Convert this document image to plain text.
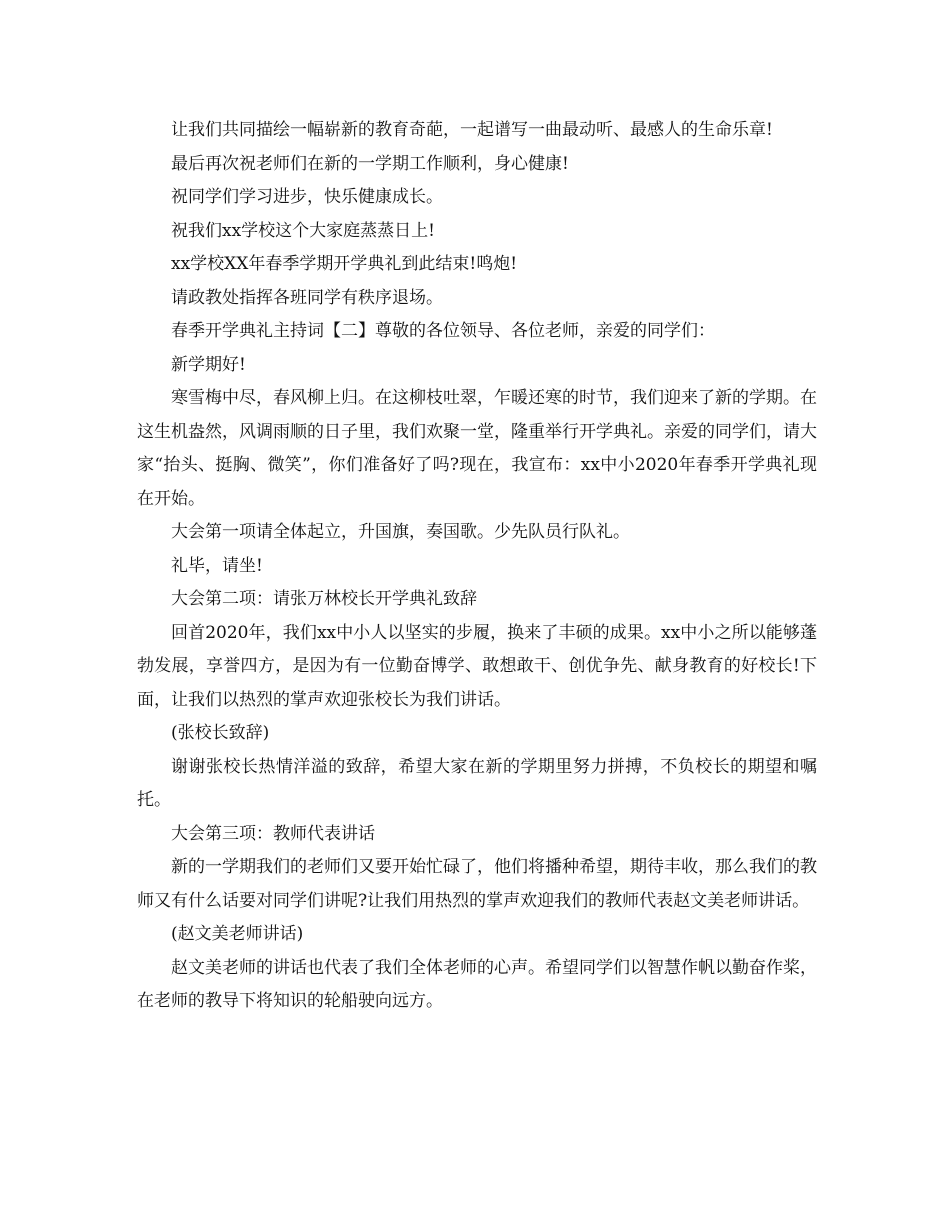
让我们共同描绘一幅崭新的教育奇葩，一起谱写一曲最动听、最感人的生命乐章!

最后再次祝老师们在新的一学期工作顺利，身心健康!

祝同学们学习进步，快乐健康成长。

祝我们xx学校这个大家庭蒸蒸日上!

xx学校XX年春季学期开学典礼到此结束!鸣炮!

请政教处指挥各班同学有秩序退场。

春季开学典礼主持词【二】尊敬的各位领导、各位老师，亲爱的同学们：

新学期好!

寒雪梅中尽，春风柳上归。在这柳枝吐翠，乍暖还寒的时节，我们迎来了新的学期。在这生机盎然，风调雨顺的日子里，我们欢聚一堂，隆重举行开学典礼。亲爱的同学们，请大家“抬头、挺胸、微笑”，你们准备好了吗?现在，我宣布：xx中小2020年春季开学典礼现在开始。

大会第一项请全体起立，升国旗，奏国歌。少先队员行队礼。

礼毕，请坐!

大会第二项：请张万林校长开学典礼致辞

回首2020年，我们xx中小人以坚实的步履，换来了丰硕的成果。xx中小之所以能够蓬勃发展，享誉四方，是因为有一位勤奋博学、敢想敢干、创优争先、献身教育的好校长!下面，让我们以热烈的掌声欢迎张校长为我们讲话。

(张校长致辞)

谢谢张校长热情洋溢的致辞，希望大家在新的学期里努力拼搏，不负校长的期望和嘱托。

大会第三项：教师代表讲话

新的一学期我们的老师们又要开始忙碌了，他们将播种希望，期待丰收，那么我们的教师又有什么话要对同学们讲呢?让我们用热烈的掌声欢迎我们的教师代表赵文美老师讲话。

(赵文美老师讲话)

赵文美老师的讲话也代表了我们全体老师的心声。希望同学们以智慧作帆以勤奋作桨，在老师的教导下将知识的轮船驶向远方。
